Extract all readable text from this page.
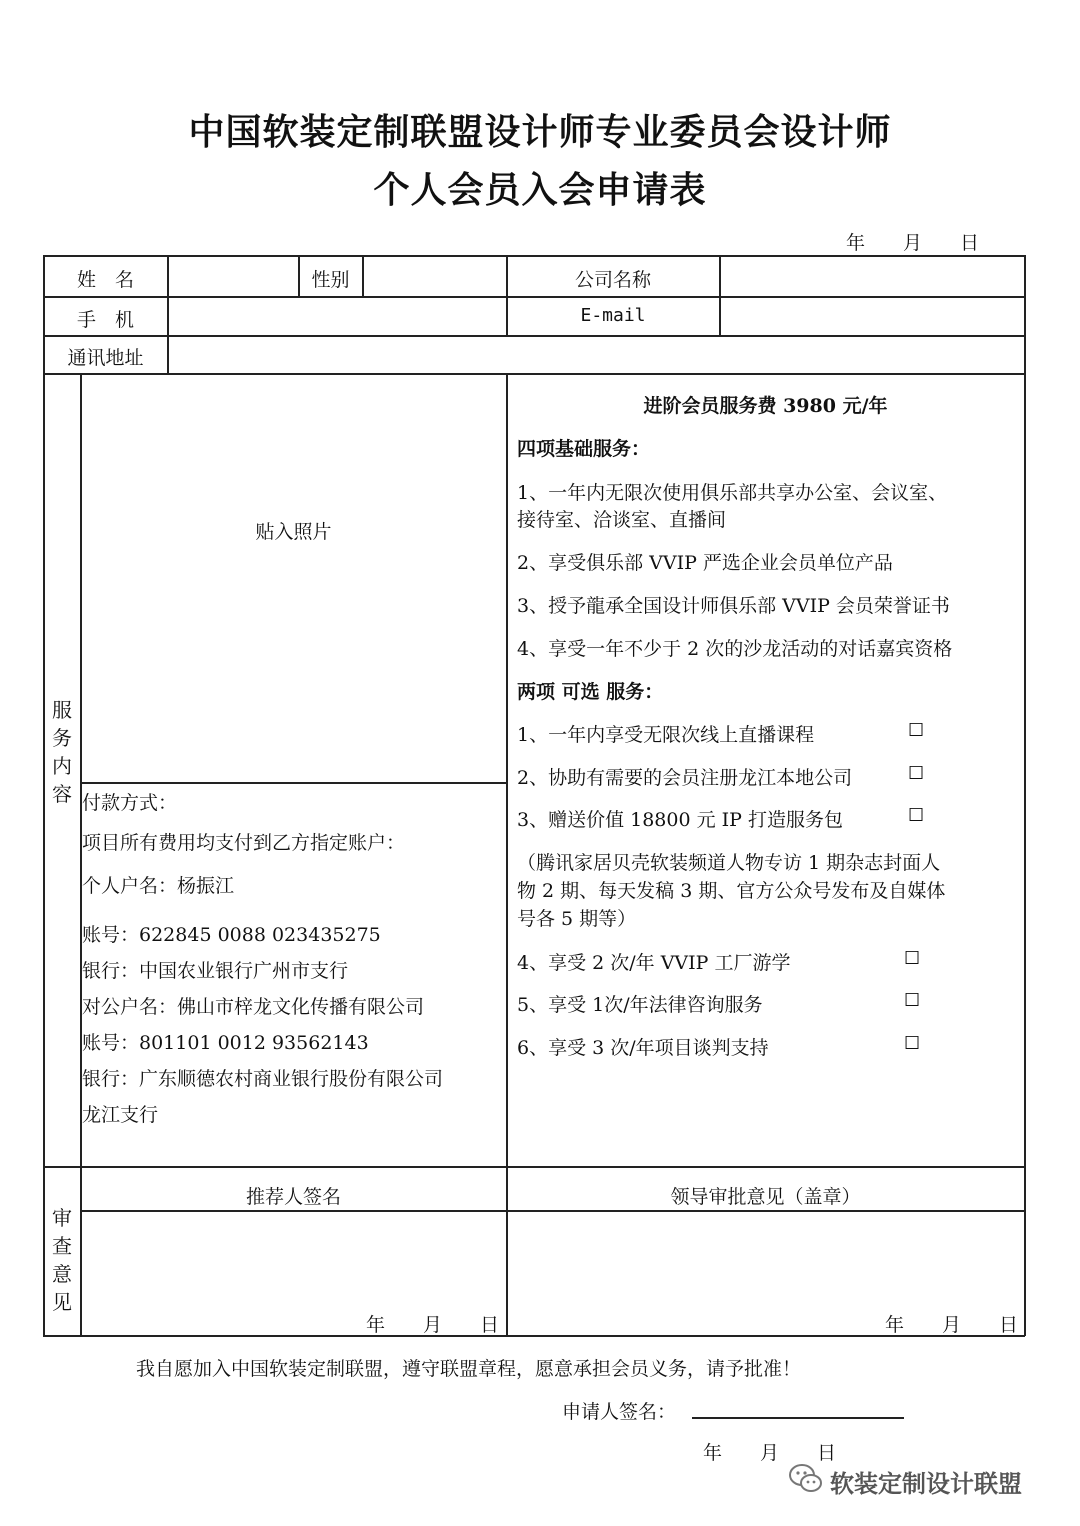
中国软装定制联盟设计师专业委员会设计师
个人会员入会申请表
年　　月　　日
姓　名	性别	公司名称
手　机	E-mail
通讯地址
服
务
内
容
贴入照片
进阶会员服务费 3980 元/年
四项基础服务：
1、一年内无限次使用俱乐部共享办公室、会议室、
接待室、洽谈室、直播间
2、享受俱乐部 VVIP 严选企业会员单位产品
3、授予龍承全国设计师俱乐部 VVIP 会员荣誉证书
4、享受一年不少于 2 次的沙龙活动的对话嘉宾资格
两项 可选 服务：
1、一年内享受无限次线上直播课程	☐
2、协助有需要的会员注册龙江本地公司	☐
3、赠送价值 18800 元 IP 打造服务包	☐
（腾讯家居贝壳软装频道人物专访 1 期杂志封面人
物 2 期、每天发稿 3 期、官方公众号发布及自媒体
号各 5 期等）
4、享受 2 次/年 VVIP 工厂游学	☐
5、享受 1次/年法律咨询服务	☐
6、享受 3 次/年项目谈判支持	☐
付款方式：
项目所有费用均支付到乙方指定账户：
个人户名：杨振江
账号：622845 0088 023435275
银行：中国农业银行广州市支行
对公户名：佛山市梓龙文化传播有限公司
账号：801101 0012 93562143
银行：广东顺德农村商业银行股份有限公司
龙江支行
审
查
意
见
推荐人签名	领导审批意见（盖章）
年　　月　　日	年　　月　　日
我自愿加入中国软装定制联盟，遵守联盟章程，愿意承担会员义务，请予批准！
申请人签名：
年　　月　　日
软装定制设计联盟
